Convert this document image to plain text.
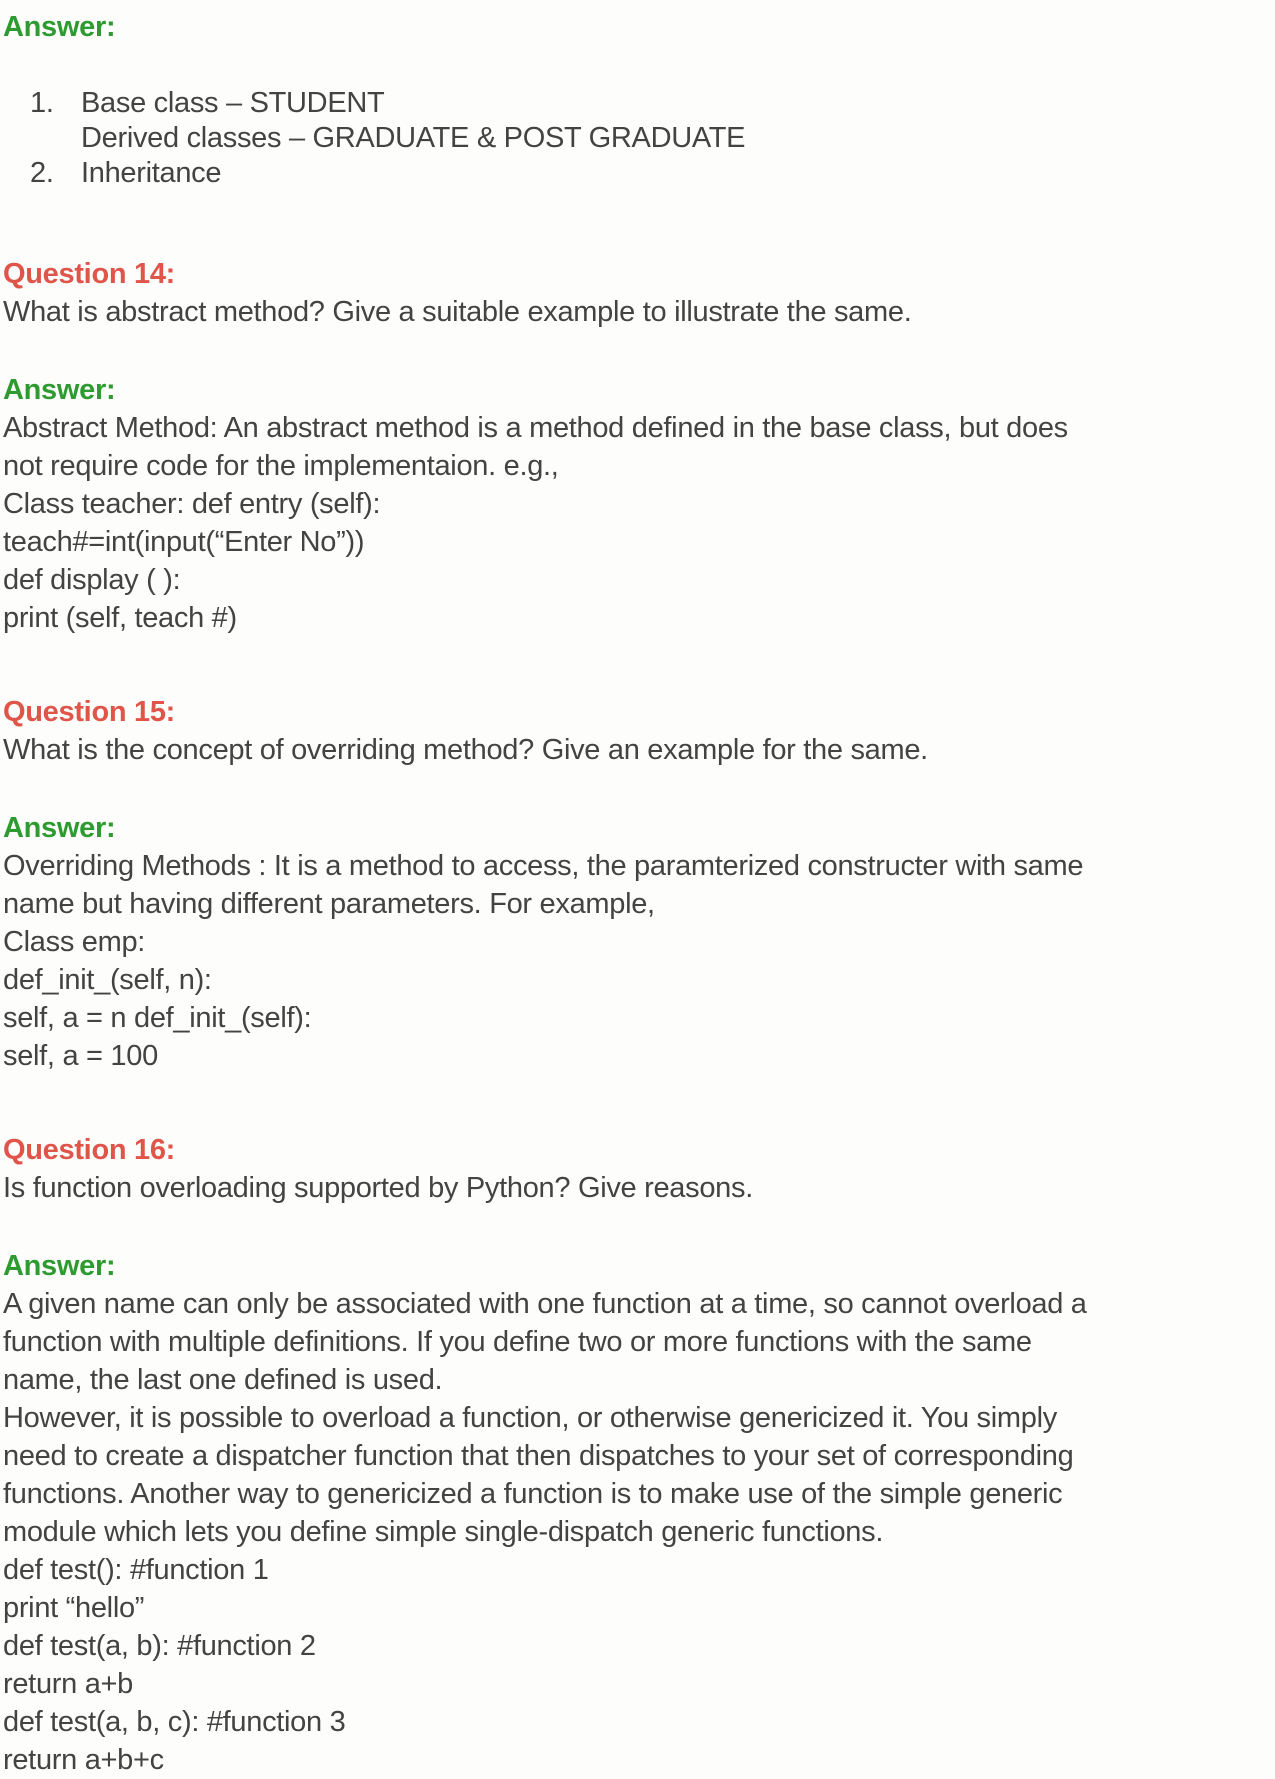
Answer:
1. Base class – STUDENT
Derived classes – GRADUATE & POST GRADUATE
2. Inheritance
Question 14:
What is abstract method? Give a suitable example to illustrate the same.
Answer:
Abstract Method: An abstract method is a method defined in the base class, but does
not require code for the implementaion. e.g.,
Class teacher: def entry (self):
teach#=int(input(“Enter No”))
def display ( ):
print (self, teach #)
Question 15:
What is the concept of overriding method? Give an example for the same.
Answer:
Overriding Methods : It is a method to access, the paramterized constructer with same
name but having different parameters. For example,
Class emp:
def_init_(self, n):
self, a = n def_init_(self):
self, a = 100
Question 16:
Is function overloading supported by Python? Give reasons.
Answer:
A given name can only be associated with one function at a time, so cannot overload a
function with multiple definitions. If you define two or more functions with the same
name, the last one defined is used.
However, it is possible to overload a function, or otherwise genericized it. You simply
need to create a dispatcher function that then dispatches to your set of corresponding
functions. Another way to genericized a function is to make use of the simple generic
module which lets you define simple single-dispatch generic functions.
def test(): #function 1
print “hello”
def test(a, b): #function 2
return a+b
def test(a, b, c): #function 3
return a+b+c
